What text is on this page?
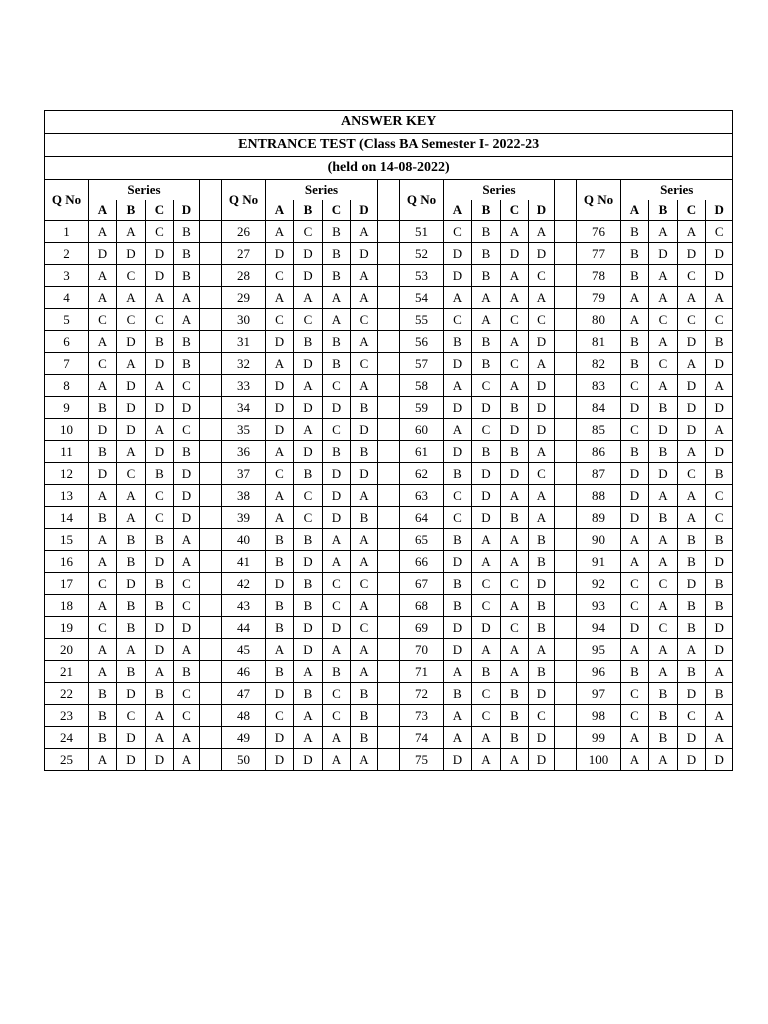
ANSWER KEY																						
ENTRANCE TEST (Class BA Semester I- 2022-23																						
(held on 14-08-2022)																						
Q No	Series					Q No	Series					Q No	Series					Q No	Series			
	A	B	C	D			A	B	C	D			A	B	C	D			A	B	C	D
1	A	A	C	B		26	A	C	B	A		51	C	B	A	A		76	B	A	A	C
2	D	D	D	B		27	D	D	B	D		52	D	B	D	D		77	B	D	D	D
3	A	C	D	B		28	C	D	B	A		53	D	B	A	C		78	B	A	C	D
4	A	A	A	A		29	A	A	A	A		54	A	A	A	A		79	A	A	A	A
5	C	C	C	A		30	C	C	A	C		55	C	A	C	C		80	A	C	C	C
6	A	D	B	B		31	D	B	B	A		56	B	B	A	D		81	B	A	D	B
7	C	A	D	B		32	A	D	B	C		57	D	B	C	A		82	B	C	A	D
8	A	D	A	C		33	D	A	C	A		58	A	C	A	D		83	C	A	D	A
9	B	D	D	D		34	D	D	D	B		59	D	D	B	D		84	D	B	D	D
10	D	D	A	C		35	D	A	C	D		60	A	C	D	D		85	C	D	D	A
11	B	A	D	B		36	A	D	B	B		61	D	B	B	A		86	B	B	A	D
12	D	C	B	D		37	C	B	D	D		62	B	D	D	C		87	D	D	C	B
13	A	A	C	D		38	A	C	D	A		63	C	D	A	A		88	D	A	A	C
14	B	A	C	D		39	A	C	D	B		64	C	D	B	A		89	D	B	A	C
15	A	B	B	A		40	B	B	A	A		65	B	A	A	B		90	A	A	B	B
16	A	B	D	A		41	B	D	A	A		66	D	A	A	B		91	A	A	B	D
17	C	D	B	C		42	D	B	C	C		67	B	C	C	D		92	C	C	D	B
18	A	B	B	C		43	B	B	C	A		68	B	C	A	B		93	C	A	B	B
19	C	B	D	D		44	B	D	D	C		69	D	D	C	B		94	D	C	B	D
20	A	A	D	A		45	A	D	A	A		70	D	A	A	A		95	A	A	A	D
21	A	B	A	B		46	B	A	B	A		71	A	B	A	B		96	B	A	B	A
22	B	D	B	C		47	D	B	C	B		72	B	C	B	D		97	C	B	D	B
23	B	C	A	C		48	C	A	C	B		73	A	C	B	C		98	C	B	C	A
24	B	D	A	A		49	D	A	A	B		74	A	A	B	D		99	A	B	D	A
25	A	D	D	A		50	D	D	A	A		75	D	A	A	D		100	A	A	D	D
